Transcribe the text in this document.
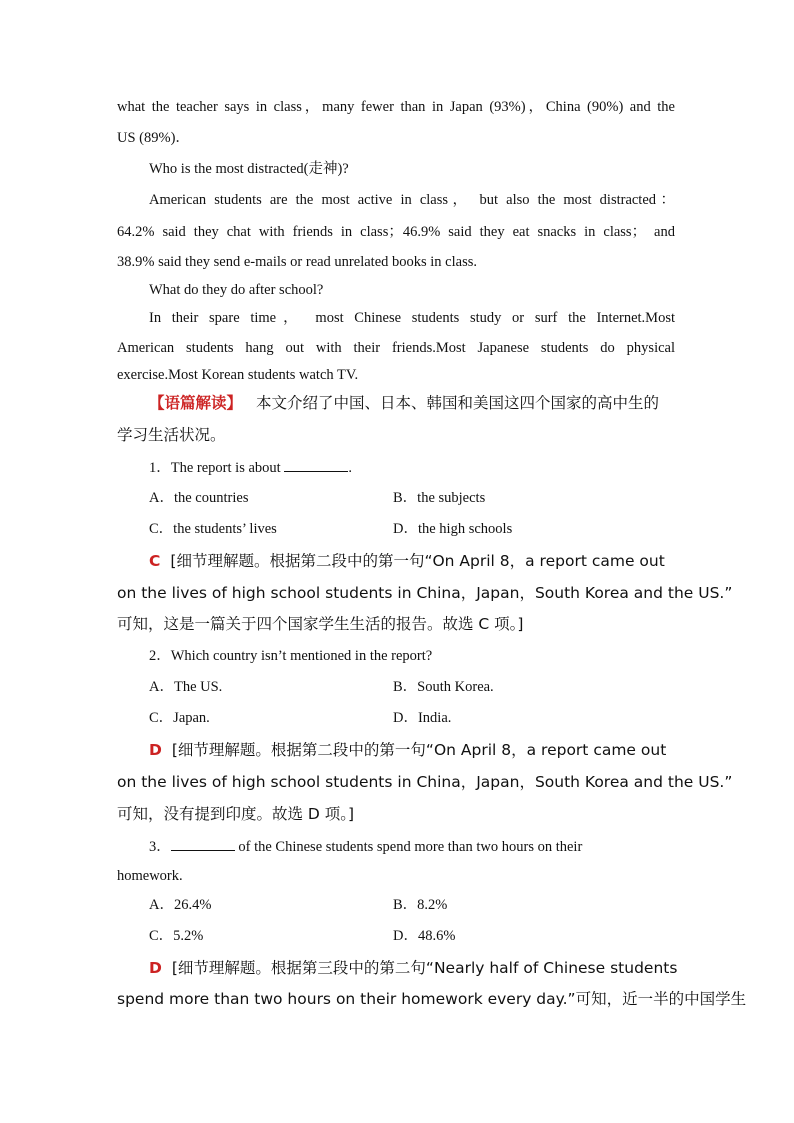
what the teacher says in class，many fewer than in Japan (93%)，China (90%) and the
US (89%)．
Who is the most distracted(走神)?
American students are the most active in class， but also the most distracted：
64.2% said they chat with friends in class；46.9% said they eat snacks in class； and
38.9% said they send e-mails or read unrelated books in class.
What do they do after school?
In their spare time， most Chinese students study or surf the Internet.Most
American students hang out with their friends.Most Japanese students do physical
exercise.Most Korean students watch TV.
【语篇解读】 本文介绍了中国、日本、韩国和美国这四个国家的高中生的
学习生活状况。
1．The report is about	.
A．the countries	B．the subjects
C．the students’ lives	D．the high schools
C [细节理解题。根据第二段中的第一句“On April 8，a report came out
on the lives of high school students in China，Japan，South Korea and the US.”
可知，这是一篇关于四个国家学生生活的报告。故选 C 项。]
2．Which country isn’t mentioned in the report?
A．The US.	B．South Korea.
C．Japan.	D．India.
D [细节理解题。根据第二段中的第一句“On April 8，a report came out
on the lives of high school students in China，Japan，South Korea and the US.”
可知，没有提到印度。故选 D 项。]
3．	of the Chinese students spend more than two hours on their
homework.
A．26.4%	B．8.2%
C．5.2%	D．48.6%
D [细节理解题。根据第三段中的第二句“Nearly half of Chinese students
spend more than two hours on their homework every day.”可知，近一半的中国学生
